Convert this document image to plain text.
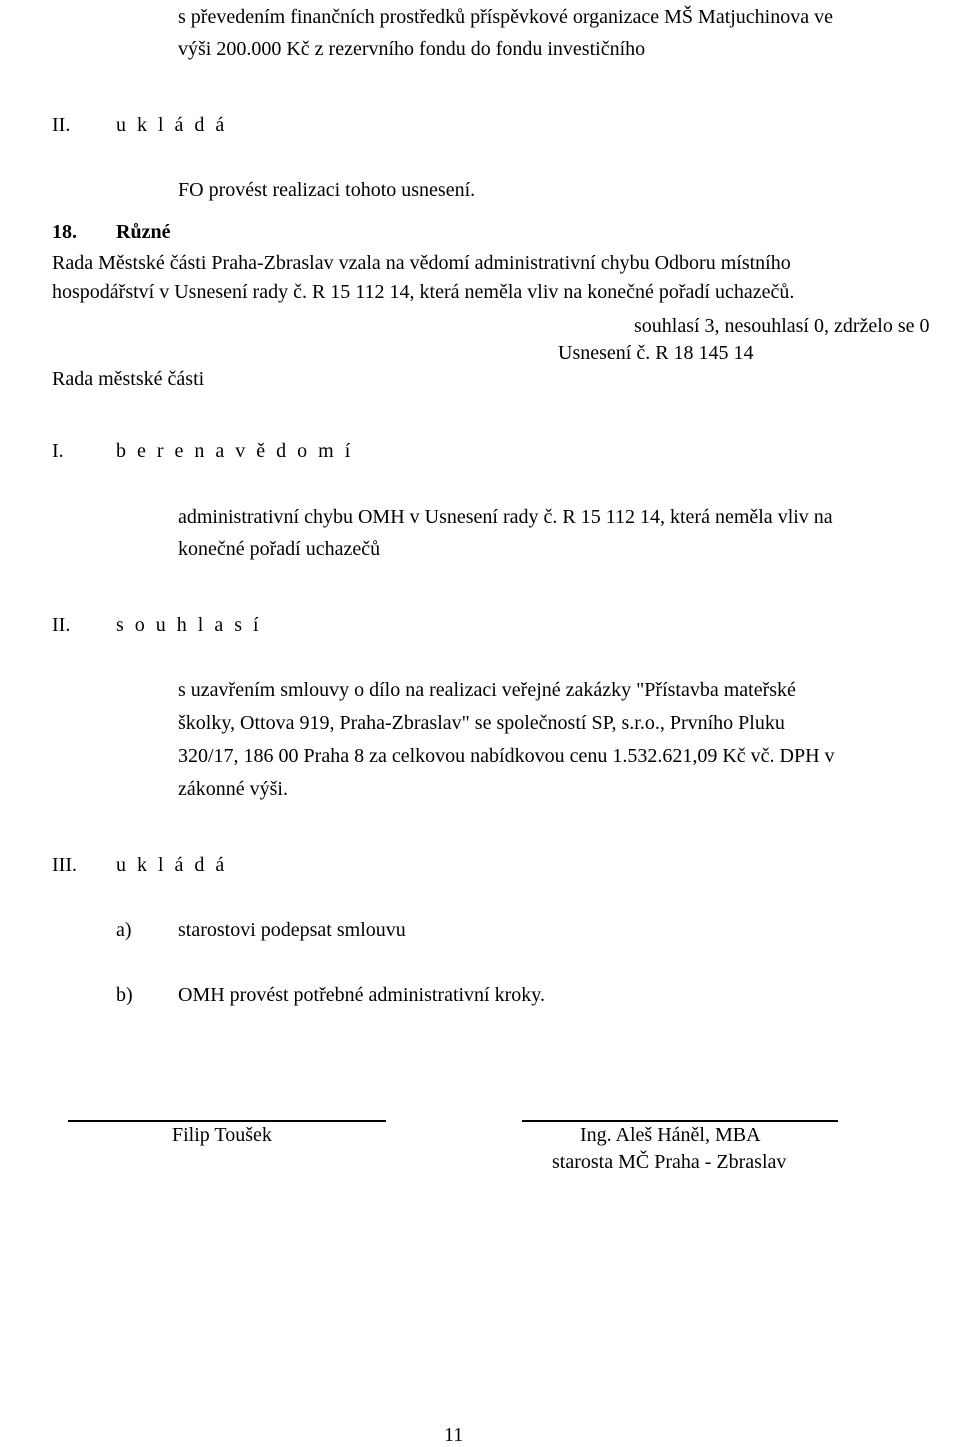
s převedením finančních prostředků příspěvkové organizace MŠ Matjuchinova ve
výši 200.000 Kč z rezervního fondu do fondu investičního
II. u k l á d á
FO provést realizaci tohoto usnesení.
18. Různé
Rada Městské části Praha-Zbraslav vzala na vědomí administrativní chybu Odboru místního
hospodářství v Usnesení rady č. R 15 112 14, která neměla vliv na konečné pořadí uchazečů.
souhlasí 3, nesouhlasí 0, zdrželo se 0
Usnesení č. R 18 145 14
Rada městské části
I.	b e r e n a v ě d o m í
administrativní chybu OMH v Usnesení rady č. R 15 112 14, která neměla vliv na
konečné pořadí uchazečů
II. s o u h l a s í
s uzavřením smlouvy o dílo na realizaci veřejné zakázky "Přístavba mateřské
školky, Ottova 919, Praha-Zbraslav" se společností SP, s.r.o., Prvního Pluku
320/17, 186 00 Praha 8 za celkovou nabídkovou cenu 1.532.621,09 Kč vč. DPH v
zákonné výši.
III. u k l á d á
a) starostovi podepsat smlouvu
b) OMH provést potřebné administrativní kroky.
Filip Toušek	Ing. Aleš Háněl, MBA
starosta MČ Praha - Zbraslav
11
